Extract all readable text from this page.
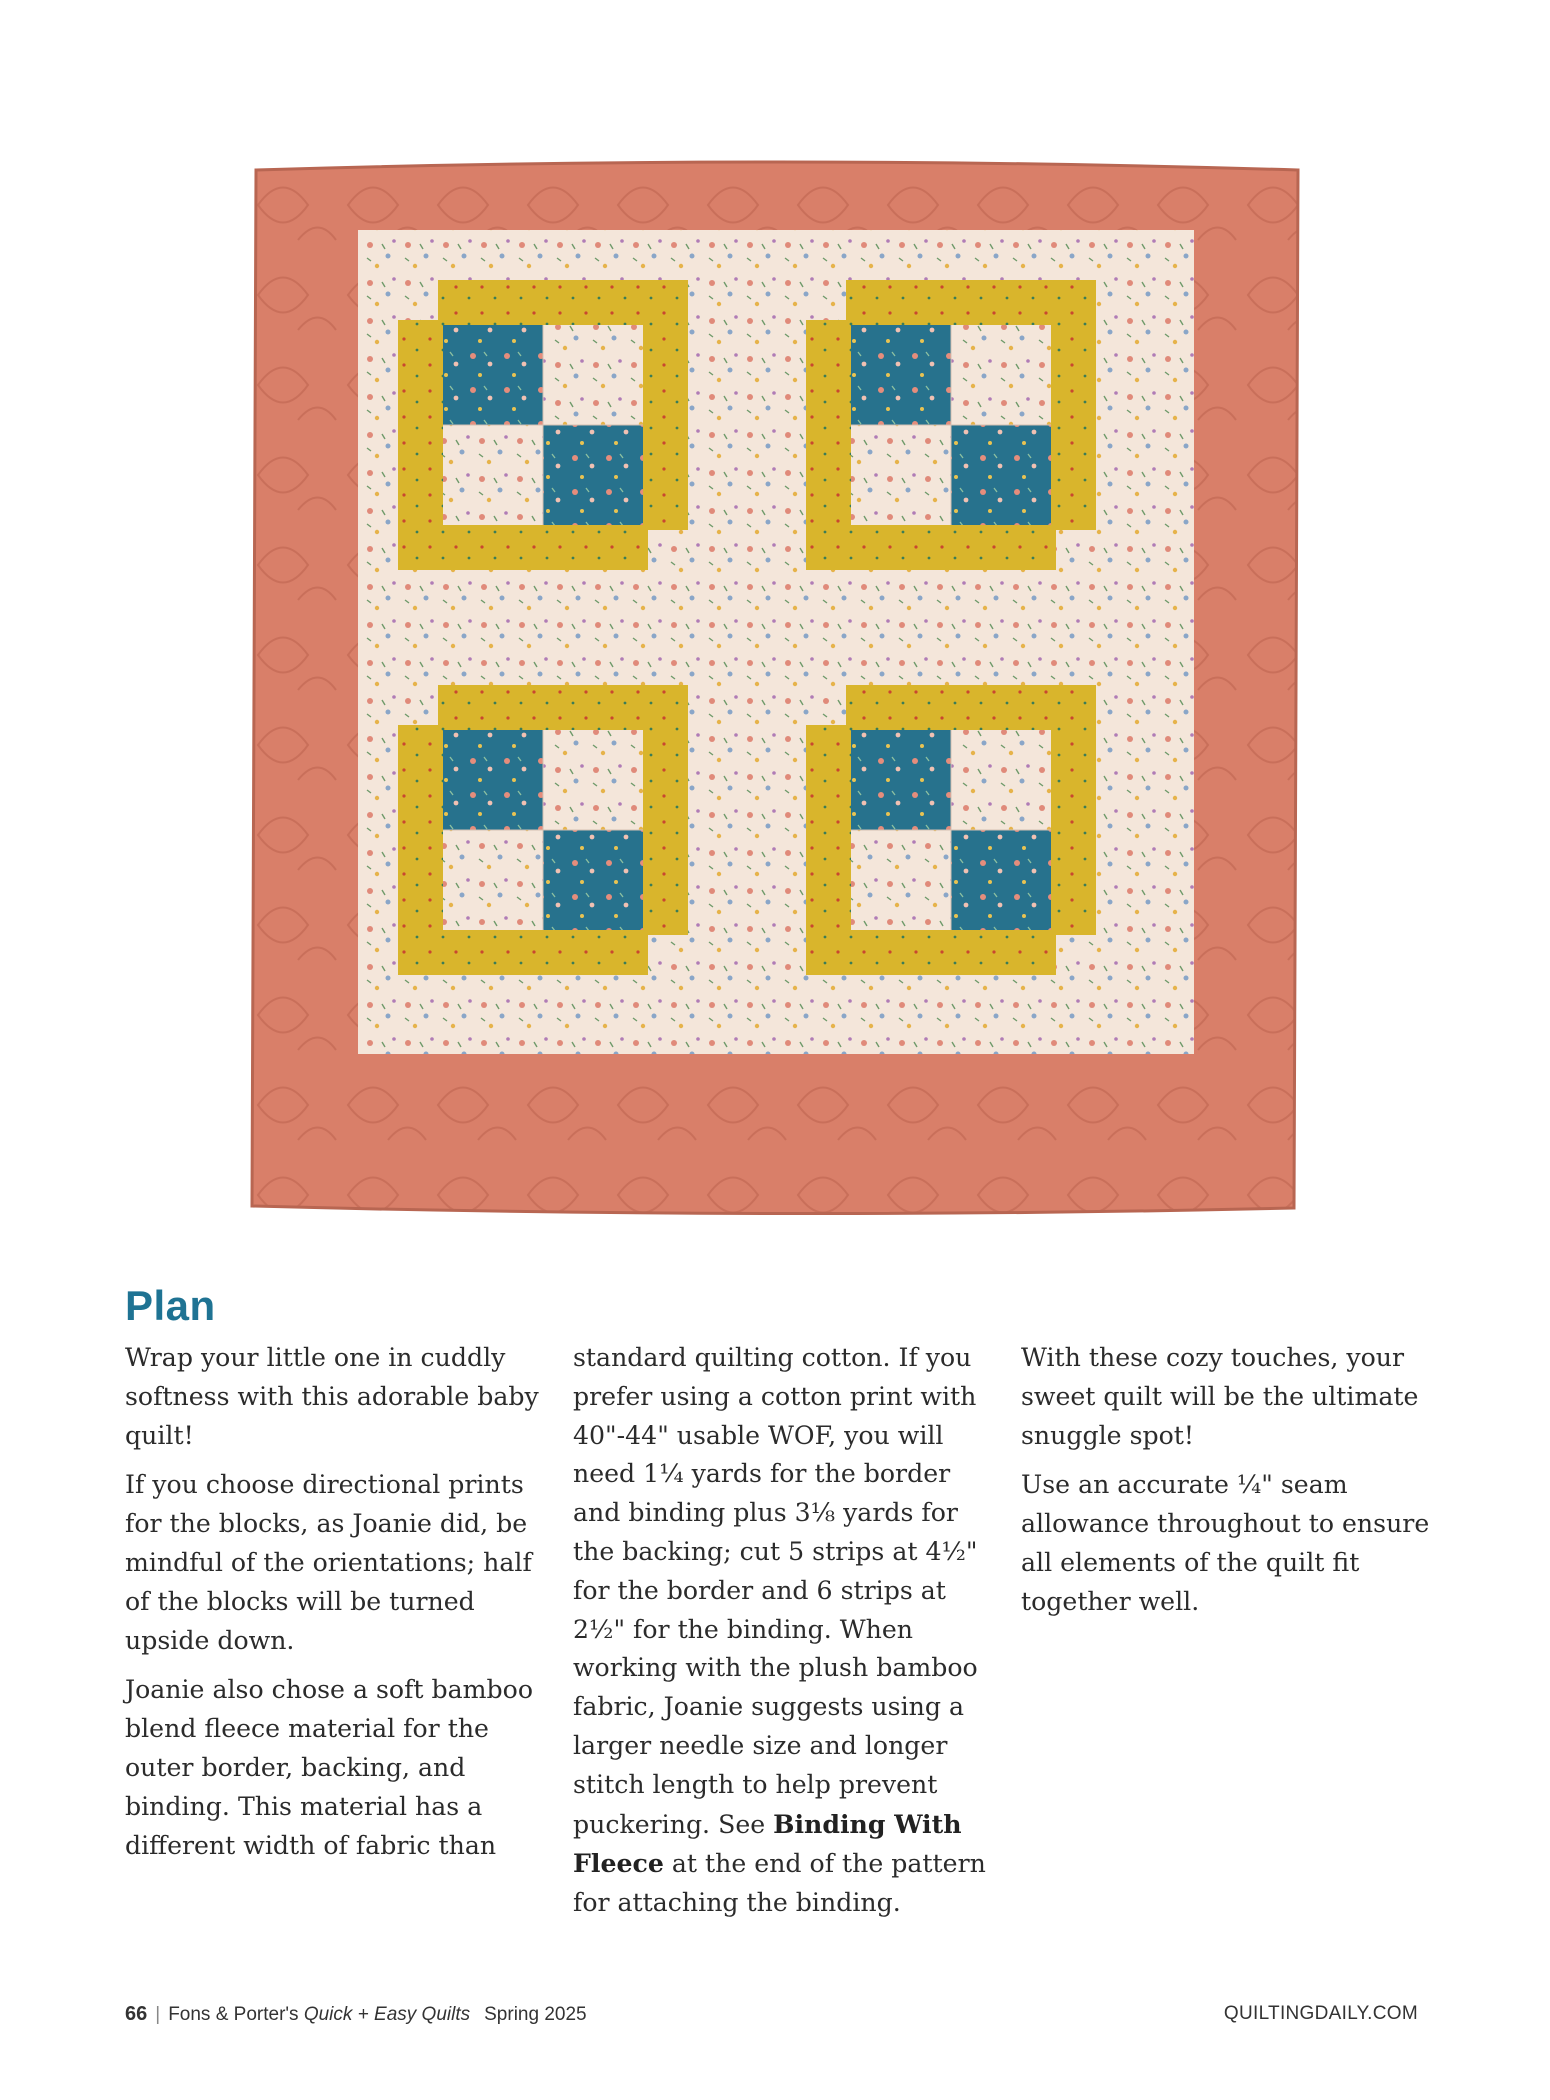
Plan

Wrap your little one in cuddly softness with this adorable baby quilt!

If you choose directional prints for the blocks, as Joanie did, be mindful of the orientations; half of the blocks will be turned upside down.

Joanie also chose a soft bamboo blend fleece material for the outer border, backing, and binding. This material has a different width of fabric than

standard quilting cotton. If you prefer using a cotton print with 40"-44" usable WOF, you will need 1¼ yards for the border and binding plus 3⅛ yards for the backing; cut 5 strips at 4½" for the border and 6 strips at 2½" for the binding. When working with the plush bamboo fabric, Joanie suggests using a larger needle size and longer stitch length to help prevent puckering. See Binding With Fleece at the end of the pattern for attaching the binding.

With these cozy touches, your sweet quilt will be the ultimate snuggle spot!

Use an accurate ¼" seam allowance throughout to ensure all elements of the quilt fit together well.

66 | Fons & Porter's Quick + Easy Quilts Spring 2025	QUILTINGDAILY.COM
